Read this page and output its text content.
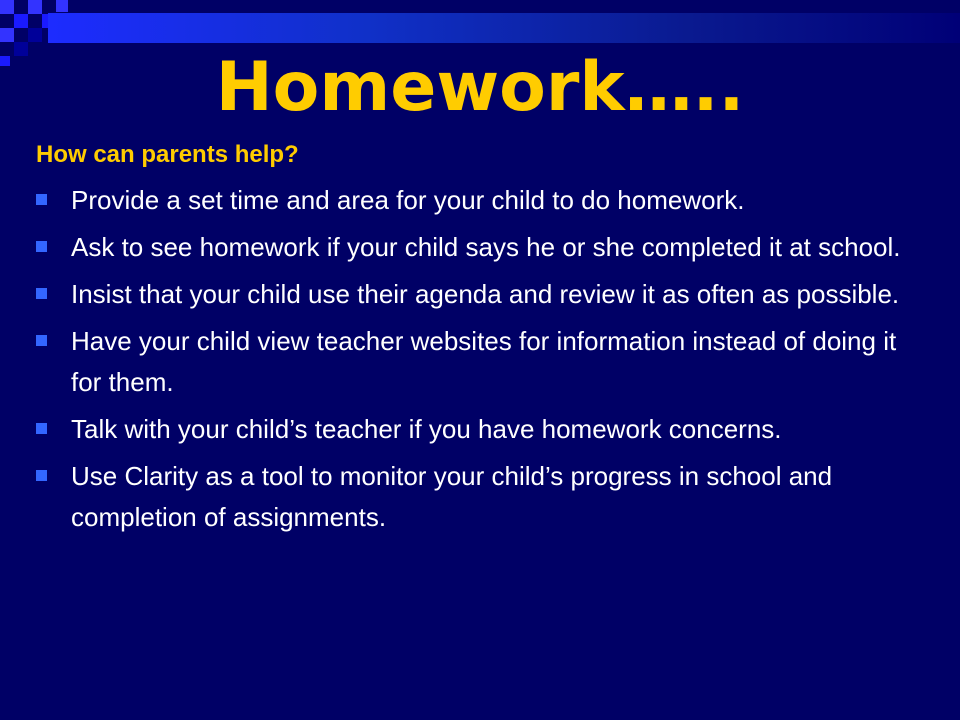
Homework…..

How can parents help?

Provide a set time and area for your child to do homework.
Ask to see homework if your child says he or she completed it at school.
Insist that your child use their agenda and review it as often as possible.
Have your child view teacher websites for information instead of doing it for them.
Talk with your child’s teacher if you have homework concerns.
Use Clarity as a tool to monitor your child’s progress in school and completion of assignments.
